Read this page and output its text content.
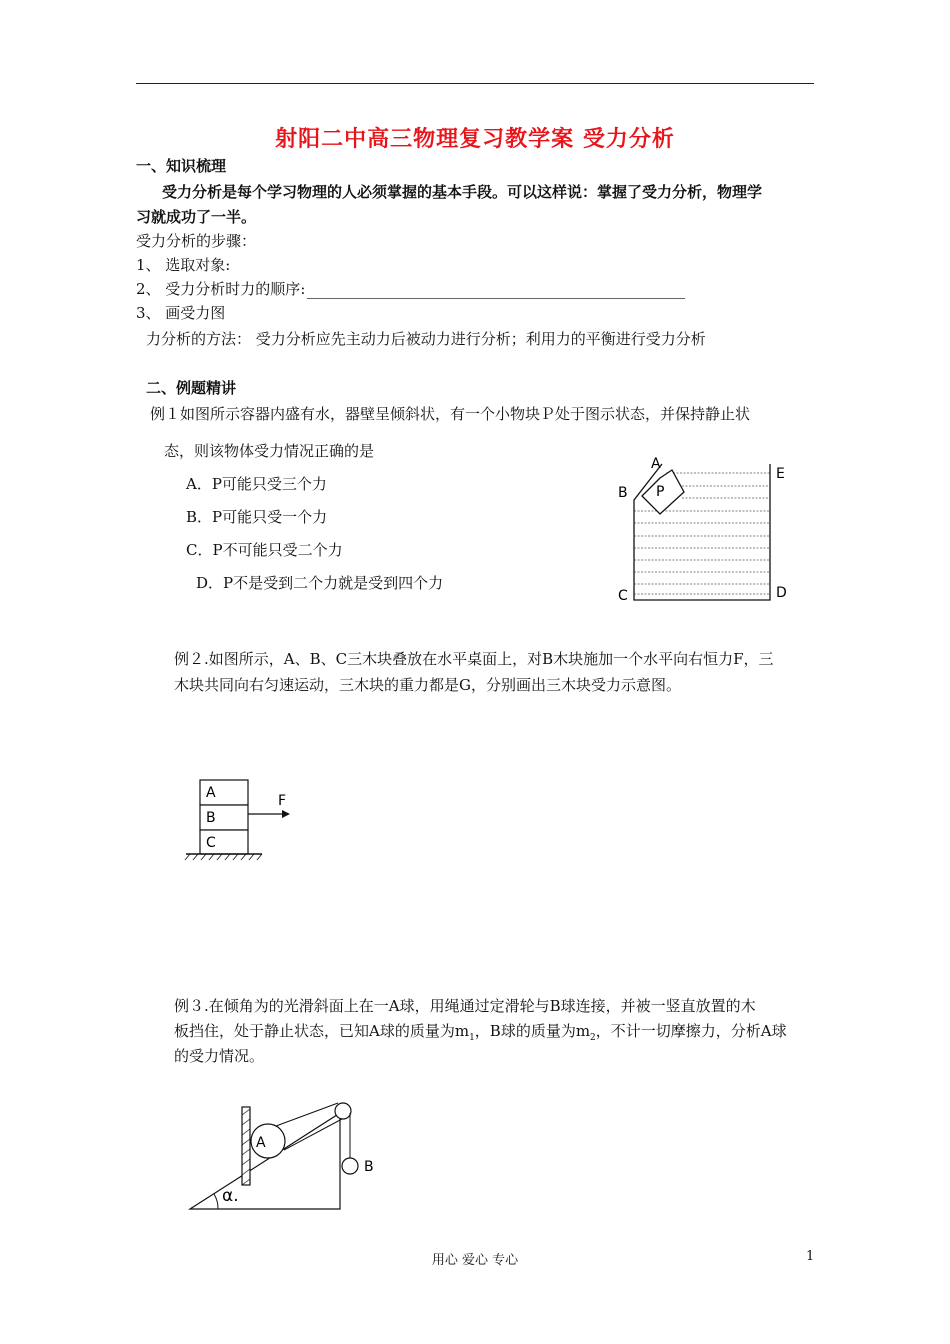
射阳二中高三物理复习教学案 受力分析
一、知识梳理
受力分析是每个学习物理的人必须掌握的基本手段。可以这样说：掌握了受力分析，物理学
习就成功了一半。
受力分析的步骤：
1、 选取对象:
2、 受力分析时力的顺序:
3、 画受力图
力分析的方法： 受力分析应先主动力后被动力进行分析；利用力的平衡进行受力分析
二、例题精讲
例１如图所示容器内盛有水，器壁呈倾斜状，有一个小物块Ｐ处于图示状态，并保持静止状
态，则该物体受力情况正确的是
A．P可能只受三个力
B．P可能只受一个力
C．P不可能只受二个力
D．P不是受到二个力就是受到四个力
A
B P
E
C	D
例２.如图所示，A、B、C三木块叠放在水平桌面上，对B木块施加一个水平向右恒力F，三
木块共同向右匀速运动，三木块的重力都是G，分别画出三木块受力示意图。
A
B
C
F
例３.在倾角为的光滑斜面上在一A球，用绳通过定滑轮与B球连接，并被一竖直放置的木
板挡住，处于静止状态，已知A球的质量为$m_1$，B球的质量为$m_2$，不计一切摩擦力，分析A球
的受力情况。
A
B
α.
用心 爱心 专心	1
